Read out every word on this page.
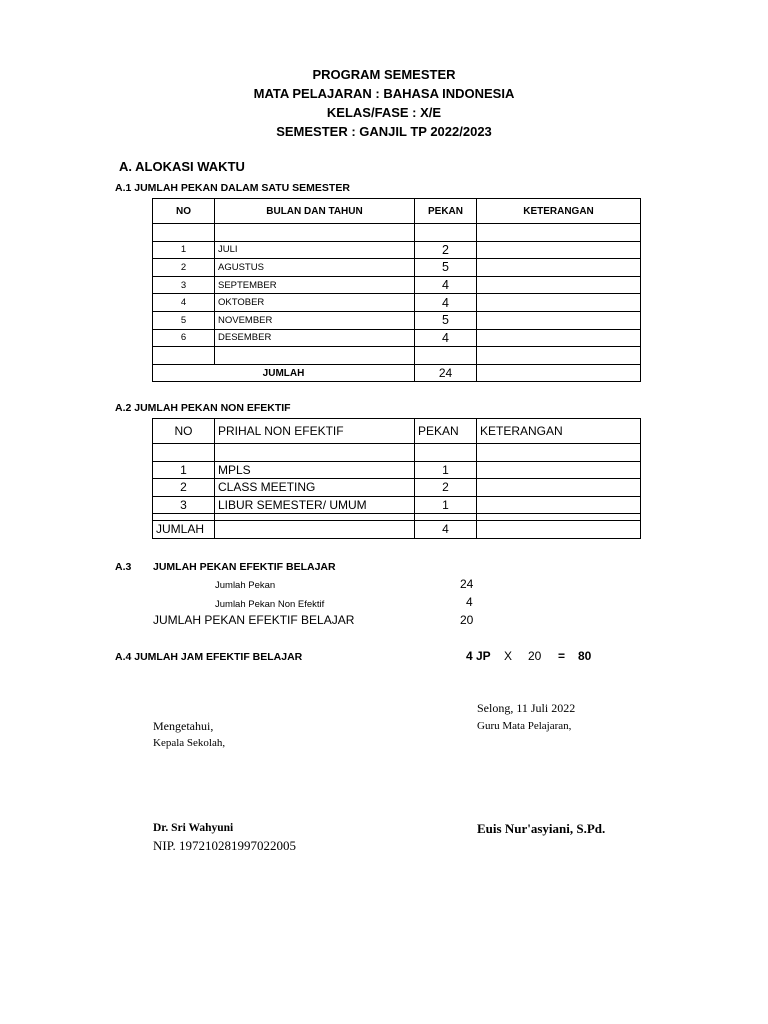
PROGRAM SEMESTER
MATA PELAJARAN : BAHASA INDONESIA
KELAS/FASE : X/E
SEMESTER : GANJIL TP 2022/2023
A. ALOKASI WAKTU
A.1 JUMLAH PEKAN DALAM SATU SEMESTER
NO	BULAN DAN TAHUN	PEKAN	KETERANGAN

1	JULI	2	
2	AGUSTUS	5	
3	SEPTEMBER	4	
4	OKTOBER	4	
5	NOVEMBER	5	
6	DESEMBER	4	

JUMLAH		24	
A.2 JUMLAH PEKAN NON EFEKTIF
NO	PRIHAL NON EFEKTIF	PEKAN	KETERANGAN

1	MPLS	1	
2	CLASS MEETING	2	
3	LIBUR SEMESTER/ UMUM	1	

JUMLAH		4	
A.3 JUMLAH PEKAN EFEKTIF BELAJAR
Jumlah Pekan	24
Jumlah Pekan Non Efektif	4
JUMLAH PEKAN EFEKTIF BELAJAR	20
A.4 JUMLAH JAM EFEKTIF BELAJAR	4 JP X 20 = 80
Selong, 11 Juli 2022
Guru Mata Pelajaran,
Mengetahui,
Kepala Sekolah,
Dr. Sri Wahyuni
NIP. 197210281997022005
Euis Nur'asyiani, S.Pd.
